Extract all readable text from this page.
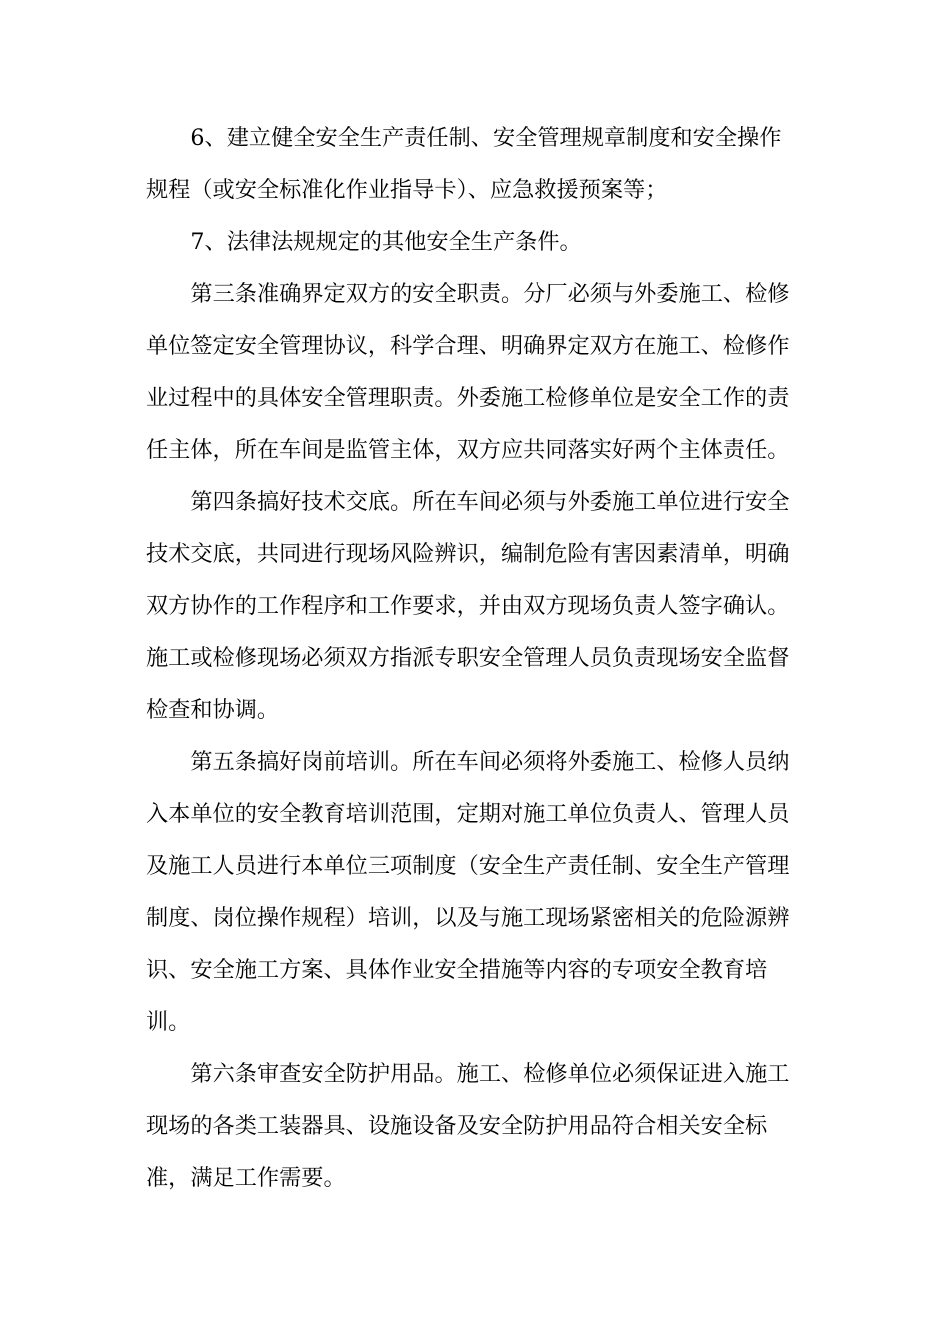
6、建立健全安全生产责任制、安全管理规章制度和安全操作
规程（或安全标准化作业指导卡）、应急救援预案等；

7、法律法规规定的其他安全生产条件。

第三条准确界定双方的安全职责。分厂必须与外委施工、检修
单位签定安全管理协议，科学合理、明确界定双方在施工、检修作
业过程中的具体安全管理职责。外委施工检修单位是安全工作的责
任主体，所在车间是监管主体，双方应共同落实好两个主体责任。

第四条搞好技术交底。所在车间必须与外委施工单位进行安全
技术交底，共同进行现场风险辨识，编制危险有害因素清单，明确
双方协作的工作程序和工作要求，并由双方现场负责人签字确认。
施工或检修现场必须双方指派专职安全管理人员负责现场安全监督
检查和协调。

第五条搞好岗前培训。所在车间必须将外委施工、检修人员纳
入本单位的安全教育培训范围，定期对施工单位负责人、管理人员
及施工人员进行本单位三项制度（安全生产责任制、安全生产管理
制度、岗位操作规程）培训，以及与施工现场紧密相关的危险源辨
识、安全施工方案、具体作业安全措施等内容的专项安全教育培
训。

第六条审查安全防护用品。施工、检修单位必须保证进入施工
现场的各类工装器具、设施设备及安全防护用品符合相关安全标
准，满足工作需要。
